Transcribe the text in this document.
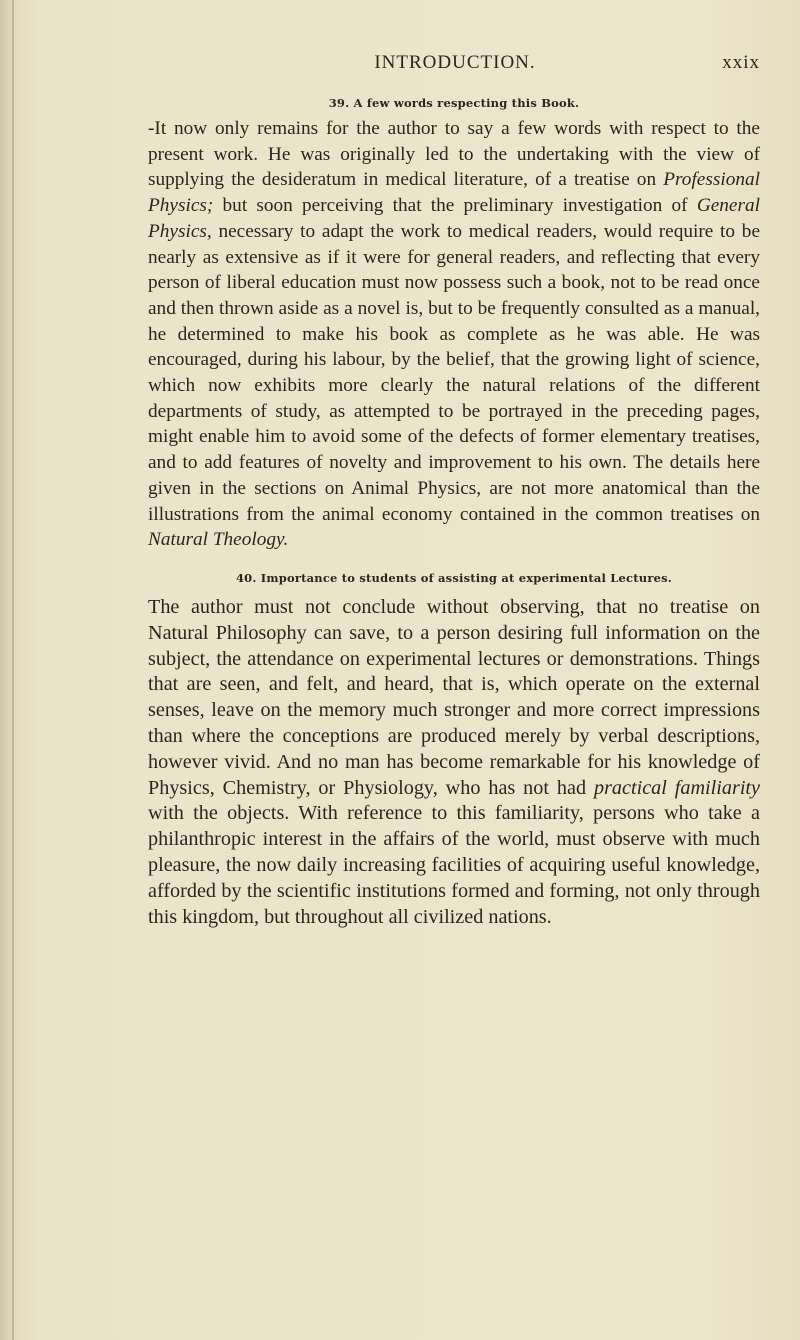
INTRODUCTION.	xxix

39. A few words respecting this Book.

-It now only remains for the author to say a few words with respect to the present work. He was originally led to the undertaking with the view of supplying the desideratum in medical literature, of a treatise on Professional Physics; but soon perceiving that the preliminary investigation of General Physics, necessary to adapt the work to medical readers, would require to be nearly as extensive as if it were for general readers, and reflecting that every person of liberal education must now possess such a book, not to be read once and then thrown aside as a novel is, but to be frequently consulted as a manual, he determined to make his book as complete as he was able. He was encouraged, during his labour, by the belief, that the growing light of science, which now exhibits more clearly the natural relations of the different departments of study, as attempted to be portrayed in the preceding pages, might enable him to avoid some of the defects of former elementary treatises, and to add features of novelty and improvement to his own. The details here given in the sections on Animal Physics, are not more anatomical than the illustrations from the animal economy contained in the common treatises on Natural Theology.

40. Importance to students of assisting at experimental Lectures.

The author must not conclude without observing, that no treatise on Natural Philosophy can save, to a person desiring full information on the subject, the attendance on experimental lectures or demonstrations. Things that are seen, and felt, and heard, that is, which operate on the external senses, leave on the memory much stronger and more correct impressions than where the conceptions are produced merely by verbal descriptions, however vivid. And no man has become remarkable for his knowledge of Physics, Chemistry, or Physiology, who has not had practical familiarity with the objects. With reference to this familiarity, persons who take a philanthropic interest in the affairs of the world, must observe with much pleasure, the now daily increasing facilities of acquiring useful knowledge, afforded by the scientific institutions formed and forming, not only through this kingdom, but throughout all civilized nations.
